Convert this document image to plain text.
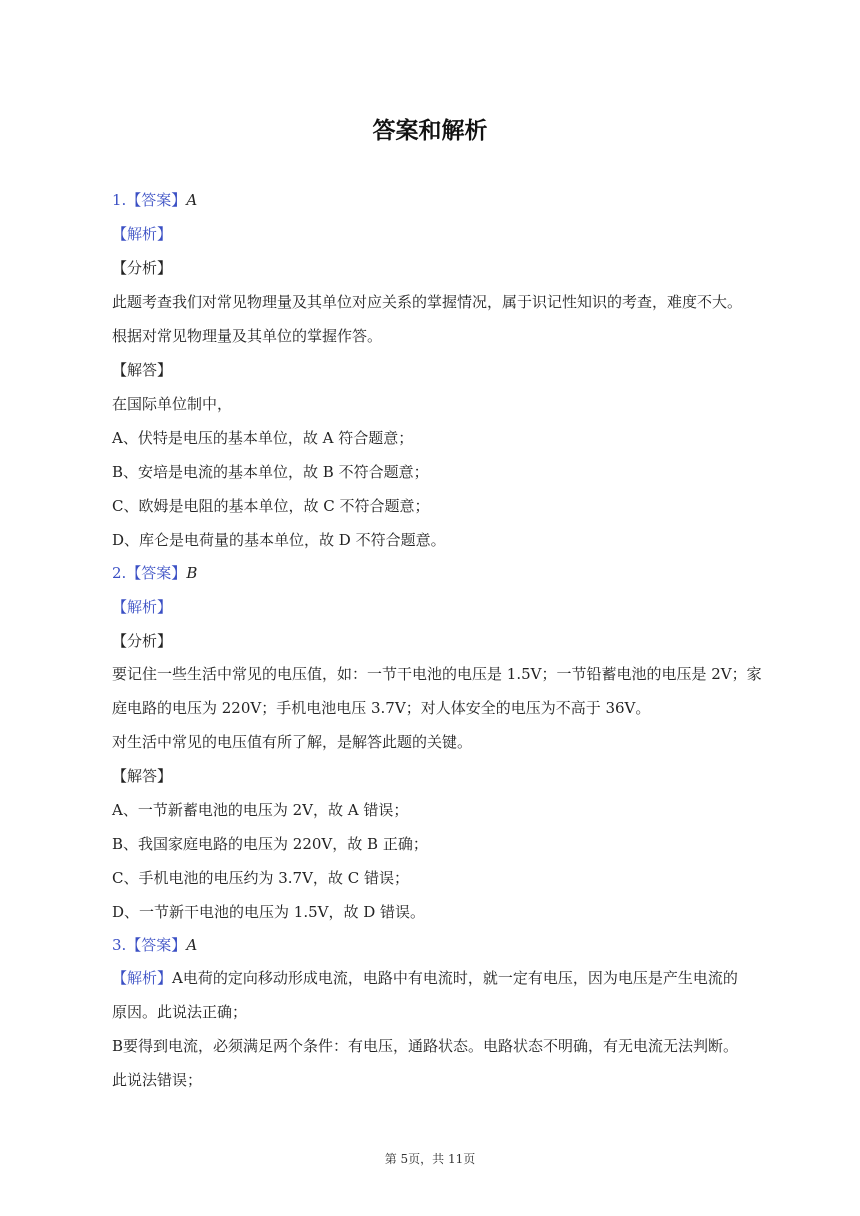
答案和解析
1.【答案】A
【解析】
【分析】
此题考查我们对常见物理量及其单位对应关系的掌握情况，属于识记性知识的考查，难度不大。
根据对常见物理量及其单位的掌握作答。
【解答】
在国际单位制中，
A、伏特是电压的基本单位，故 A 符合题意；
B、安培是电流的基本单位，故 B 不符合题意；
C、欧姆是电阻的基本单位，故 C 不符合题意；
D、库仑是电荷量的基本单位，故 D 不符合题意。
2.【答案】B
【解析】
【分析】
要记住一些生活中常见的电压值，如：一节干电池的电压是 1.5V；一节铅蓄电池的电压是 2V；家
庭电路的电压为 220V；手机电池电压 3.7V；对人体安全的电压为不高于 36V。
对生活中常见的电压值有所了解，是解答此题的关键。
【解答】
A、一节新蓄电池的电压为 2V，故 A 错误；
B、我国家庭电路的电压为 220V，故 B 正确；
C、手机电池的电压约为 3.7V，故 C 错误；
D、一节新干电池的电压为 1.5V，故 D 错误。
3.【答案】A
【解析】A电荷的定向移动形成电流，电路中有电流时，就一定有电压，因为电压是产生电流的
原因。此说法正确；
B要得到电流，必须满足两个条件：有电压，通路状态。电路状态不明确，有无电流无法判断。
此说法错误；
第 5页，共 11页
